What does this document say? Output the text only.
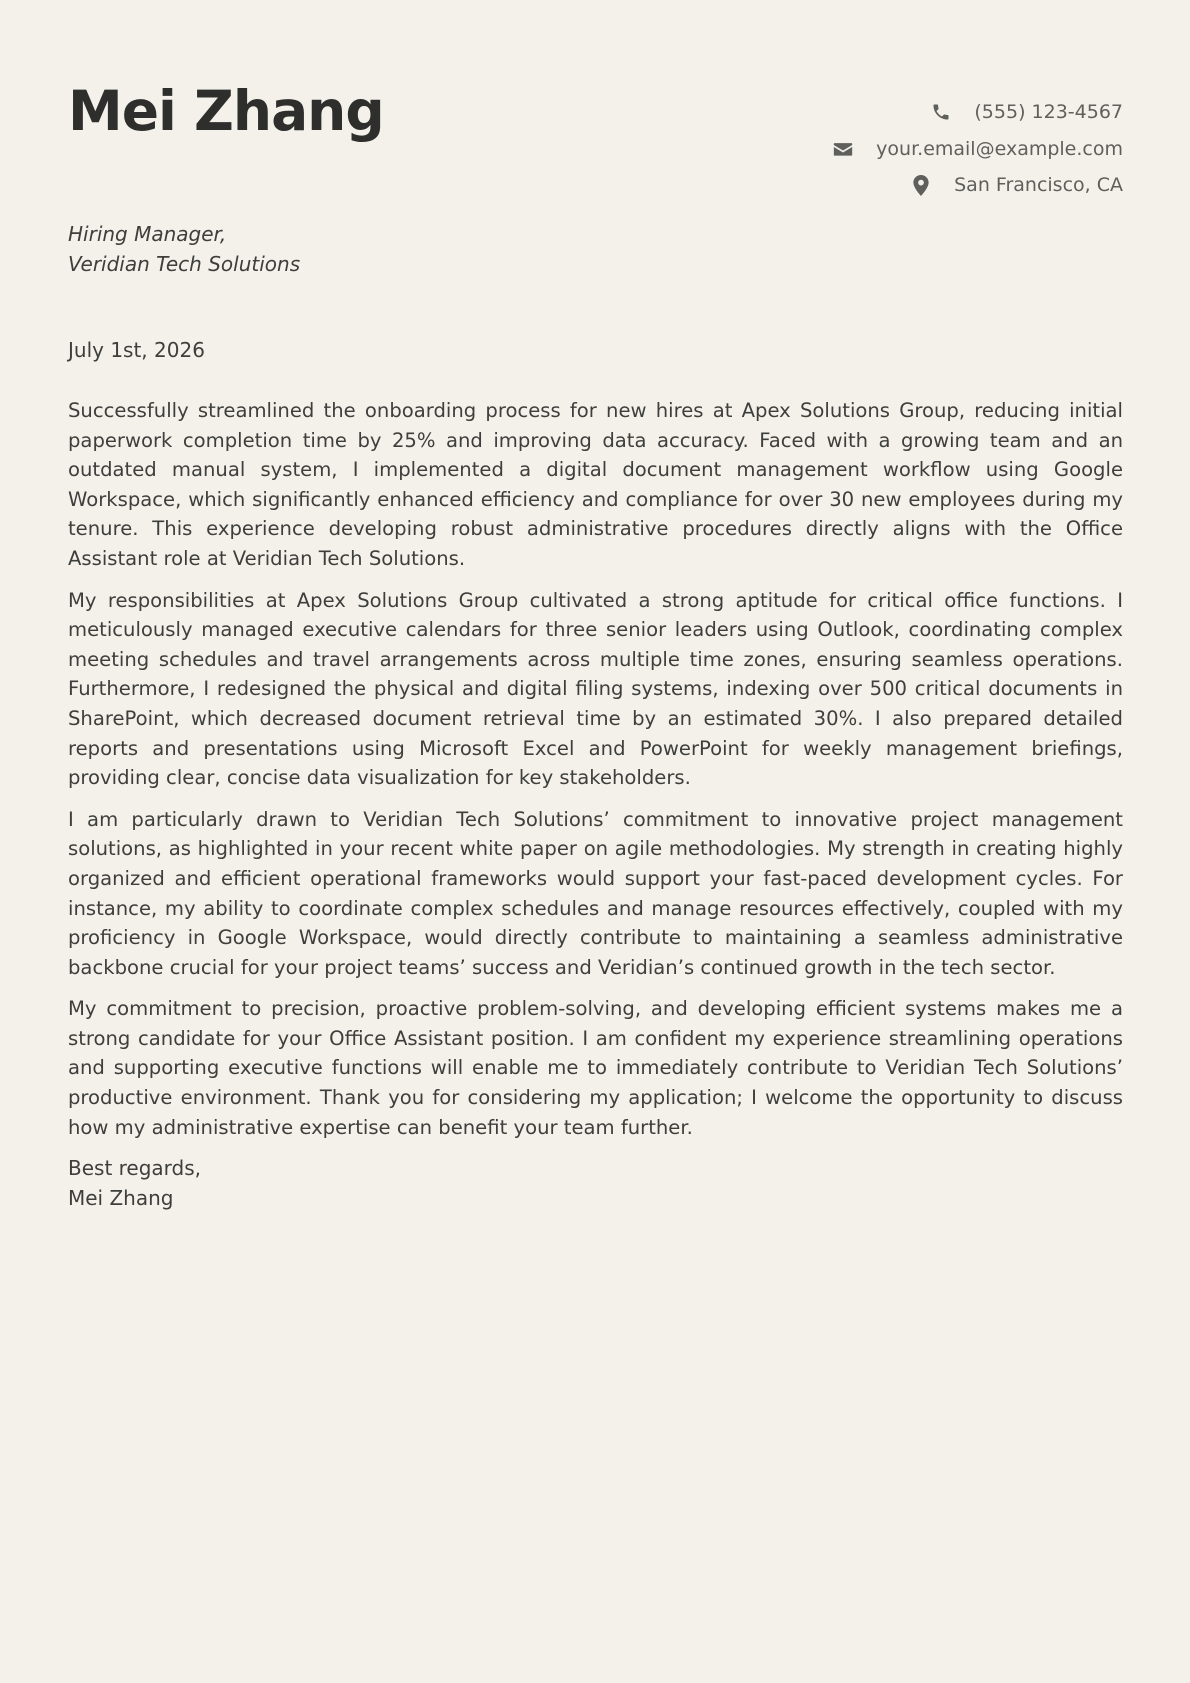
Mei Zhang	(555) 123-4567
your.email@example.com
San Francisco, CA
Hiring Manager,
Veridian Tech Solutions
July 1st, 2026

Successfully streamlined the onboarding process for new hires at Apex Solutions Group, reducing initial paperwork completion time by 25% and improving data accuracy. Faced with a growing team and an outdated manual system, I implemented a digital document management workflow using Google Workspace, which significantly enhanced efficiency and compliance for over 30 new employees during my tenure. This experience developing robust administrative procedures directly aligns with the Office Assistant role at Veridian Tech Solutions.

My responsibilities at Apex Solutions Group cultivated a strong aptitude for critical office functions. I meticulously managed executive calendars for three senior leaders using Outlook, coordinating complex meeting schedules and travel arrangements across multiple time zones, ensuring seamless operations. Furthermore, I redesigned the physical and digital filing systems, indexing over 500 critical documents in SharePoint, which decreased document retrieval time by an estimated 30%. I also prepared detailed reports and presentations using Microsoft Excel and PowerPoint for weekly management briefings, providing clear, concise data visualization for key stakeholders.

I am particularly drawn to Veridian Tech Solutions’ commitment to innovative project management solutions, as highlighted in your recent white paper on agile methodologies. My strength in creating highly organized and efficient operational frameworks would support your fast-paced development cycles. For instance, my ability to coordinate complex schedules and manage resources effectively, coupled with my proficiency in Google Workspace, would directly contribute to maintaining a seamless administrative backbone crucial for your project teams’ success and Veridian’s continued growth in the tech sector.

My commitment to precision, proactive problem-solving, and developing efficient systems makes me a strong candidate for your Office Assistant position. I am confident my experience streamlining operations and supporting executive functions will enable me to immediately contribute to Veridian Tech Solutions’ productive environment. Thank you for considering my application; I welcome the opportunity to discuss how my administrative expertise can benefit your team further.

Best regards,
Mei Zhang
